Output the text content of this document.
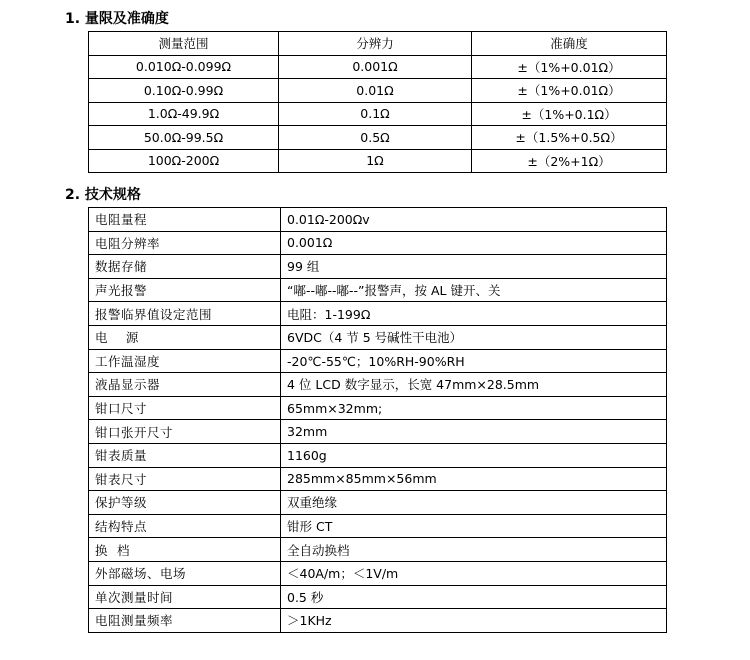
1. 量限及准确度
测量范围	分辨力	准确度
0.010Ω-0.099Ω	0.001Ω	±（1%+0.01Ω）
0.10Ω-0.99Ω	0.01Ω	±（1%+0.01Ω）
1.0Ω-49.9Ω	0.1Ω	±（1%+0.1Ω）
50.0Ω-99.5Ω	0.5Ω	±（1.5%+0.5Ω）
100Ω-200Ω	1Ω	±（2%+1Ω）
2. 技术规格
电阻量程	0.01Ω-200Ωv
电阻分辨率	0.001Ω
数据存储	99 组
声光报警	“嘟--嘟--嘟--”报警声，按 AL 键开、关
报警临界值设定范围	电阻：1-199Ω
电    源	6VDC（4 节 5 号碱性干电池）
工作温湿度	-20℃-55℃；10%RH-90%RH
液晶显示器	4 位 LCD 数字显示，长宽 47mm×28.5mm
钳口尺寸	65mm×32mm;
钳口张开尺寸	32mm
钳表质量	1160g
钳表尺寸	285mm×85mm×56mm
保护等级	双重绝缘
结构特点	钳形 CT
换  档	全自动换档
外部磁场、电场	＜40A/m；＜1V/m
单次测量时间	0.5 秒
电阻测量频率	＞1KHz
